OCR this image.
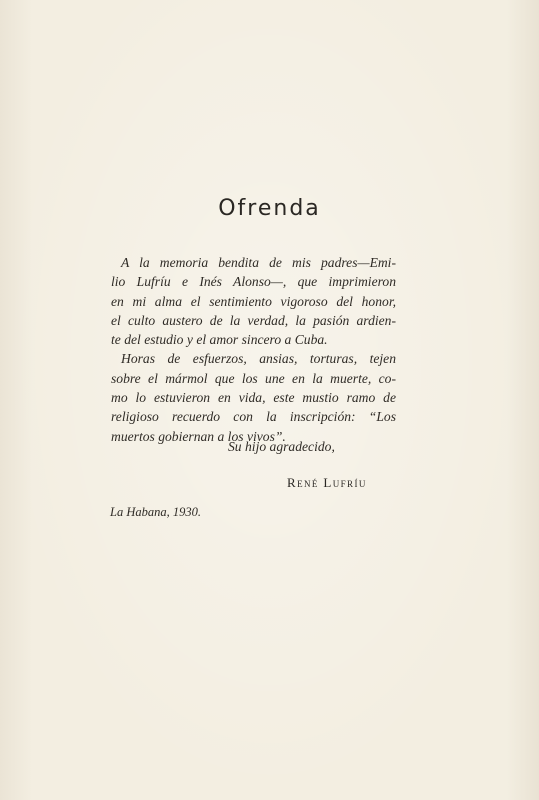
Ofrenda
A la memoria bendita de mis padres—Emi-
lio Lufríu e Inés Alonso—, que imprimieron
en mi alma el sentimiento vigoroso del honor,
el culto austero de la verdad, la pasión ardien-
te del estudio y el amor sincero a Cuba.
Horas de esfuerzos, ansias, torturas, tejen
sobre el mármol que los une en la muerte, co-
mo lo estuvieron en vida, este mustio ramo de
religioso recuerdo con la inscripción: “Los
muertos gobiernan a los vivos”.
Su hijo agradecido,
René Lufríu
La Habana, 1930.
